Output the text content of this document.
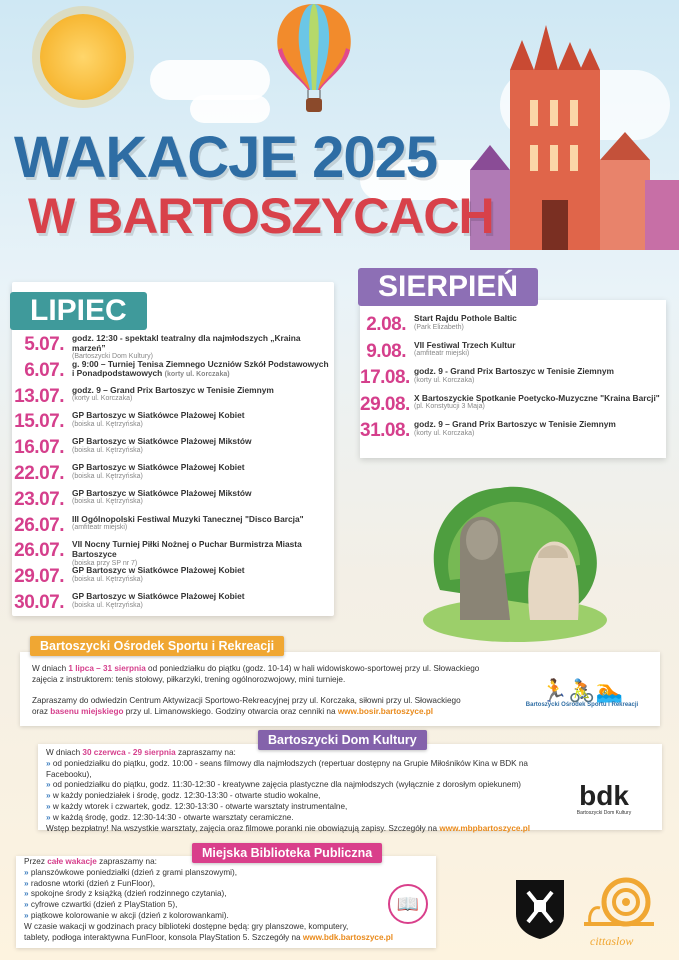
WAKACJE 2025
W BARTOSZYCACH
LIPIEC
5.07. godz. 12:30 - spektakl teatralny dla najmłodszych „Kraina marzeń”
(Bartoszycki Dom Kultury)
6.07. g. 9:00 – Turniej Tenisa Ziemnego Uczniów Szkół Podstawowych i Ponadpodstawowych (korty ul. Korczaka)
13.07. godz. 9 – Grand Prix Bartoszyc w Tenisie Ziemnym
(korty ul. Korczaka)
15.07. GP Bartoszyc w Siatkówce Plażowej Kobiet
(boiska ul. Kętrzyńska)
16.07. GP Bartoszyc w Siatkówce Plażowej Mikstów
(boiska ul. Kętrzyńska)
22.07. GP Bartoszyc w Siatkówce Plażowej Kobiet
(boiska ul. Kętrzyńska)
23.07. GP Bartoszyc w Siatkówce Plażowej Mikstów
(boiska ul. Kętrzyńska)
26.07. III Ogólnopolski Festiwal Muzyki Tanecznej "Disco Barcja"
(amfiteatr miejski)
26.07. VII Nocny Turniej Piłki Nożnej o Puchar Burmistrza Miasta Bartoszyce
(boiska przy SP nr 7)
29.07. GP Bartoszyc w Siatkówce Plażowej Kobiet
(boiska ul. Kętrzyńska)
30.07. GP Bartoszyc w Siatkówce Plażowej Kobiet
(boiska ul. Kętrzyńska)
SIERPIEŃ
2.08. Start Rajdu Pothole Baltic
(Park Elizabeth)
9.08. VII Festiwal Trzech Kultur
(amfiteatr miejski)
17.08. godz. 9 - Grand Prix Bartoszyc w Tenisie Ziemnym
(korty ul. Korczaka)
29.08. X Bartoszyckie Spotkanie Poetycko-Muzyczne "Kraina Barcji"
(pl. Konstytucji 3 Maja)
31.08. godz. 9 – Grand Prix Bartoszyc w Tenisie Ziemnym
(korty ul. Korczaka)
W dniach 1 lipca – 31 sierpnia od poniedziałku do piątku (godz. 10-14) w hali widowiskowo-sportowej przy ul. Słowackiego
zajęcia z instruktorem: tenis stołowy, piłkarzyki, trening ogólnorozwojowy, mini turnieje.
Zapraszamy do odwiedzin Centrum Aktywizacji Sportowo-Rekreacyjnej przy ul. Korczaka, siłowni przy ul. Słowackiego
oraz basenu miejskiego przy ul. Limanowskiego. Godziny otwarcia oraz cenniki na www.bosir.bartoszyce.pl
🏃🚴🏊
Bartoszycki Ośrodek Sportu i Rekreacji
Bartoszycki Ośrodek Sportu i Rekreacji
W dniach 30 czerwca - 29 sierpnia zapraszamy na:
» od poniedziałku do piątku, godz. 10:00 - seans filmowy dla najmłodszych (repertuar dostępny na Grupie Miłośników Kina w BDK na Facebooku),
» od poniedziałku do piątku, godz. 11:30-12:30 - kreatywne zajęcia plastyczne dla najmłodszych (wyłącznie z dorosłym opiekunem)
» w każdy poniedziałek i środę, godz. 12:30-13:30 - otwarte studio wokalne,
» w każdy wtorek i czwartek, godz. 12:30-13:30 - otwarte warsztaty instrumentalne,
» w każdą środę, godz. 12:30-14:30 - otwarte warsztaty ceramiczne.
Wstęp bezpłatny! Na wszystkie warsztaty, zajęcia oraz filmowe poranki nie obowiązują zapisy. Szczegóły na www.mbpbartoszyce.pl
bdk
Bartoszycki Dom Kultury
Bartoszycki Dom Kultury
Przez całe wakacje zapraszamy na:
» planszówkowe poniedziałki (dzień z grami planszowymi),
» radosne wtorki (dzień z FunFloor),
» spokojne środy z książką (dzień rodzinnego czytania),
» cyfrowe czwartki (dzień z PlayStation 5),
» piątkowe kolorowanie w akcji (dzień z kolorowankami).
W czasie wakacji w godzinach pracy biblioteki dostępne będą: gry planszowe, komputery,
tablety, podłoga interaktywna FunFloor, konsola PlayStation 5. Szczegóły na www.bdk.bartoszyce.pl
📖
Miejska Biblioteka Publiczna
cittaslow
